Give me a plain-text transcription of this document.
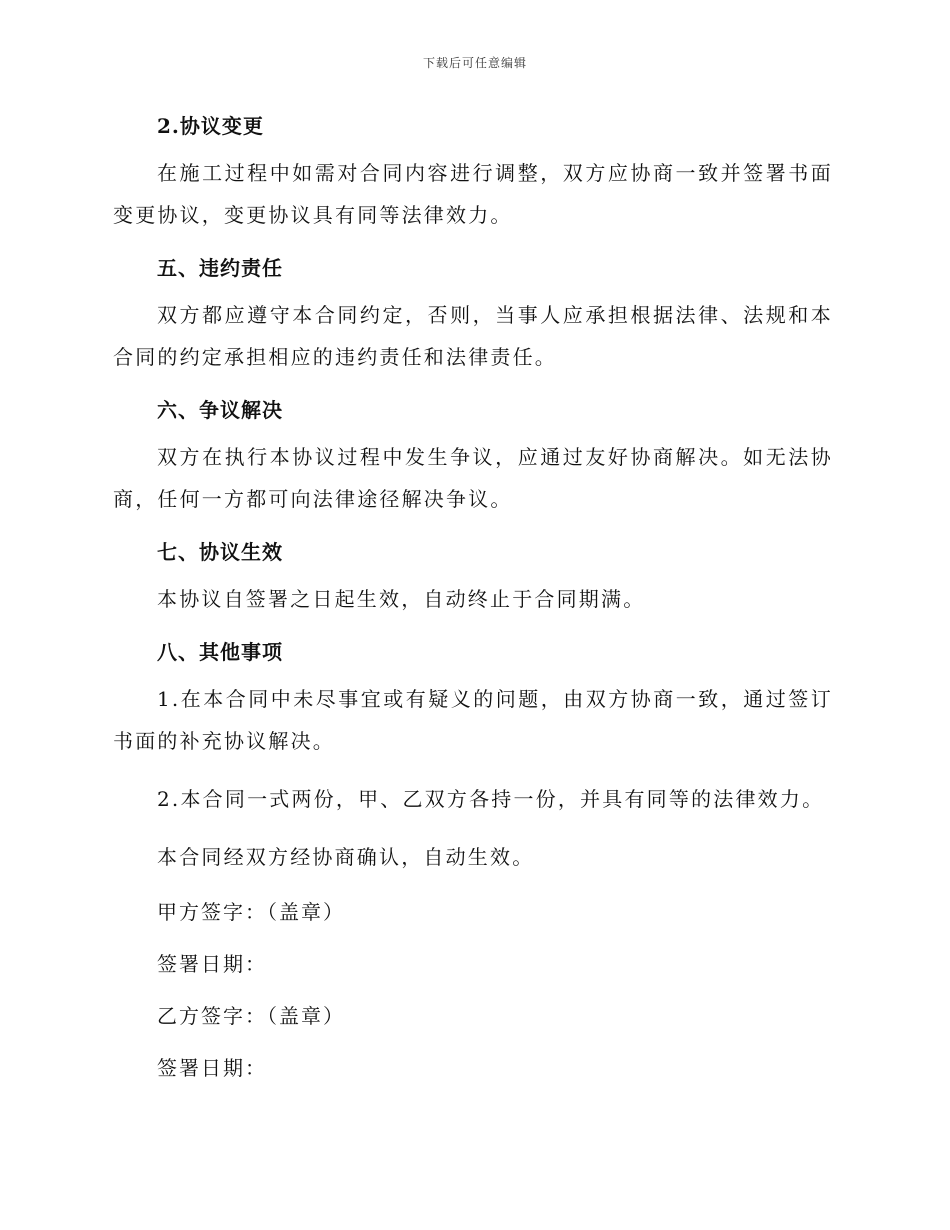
下载后可任意编辑
2.协议变更

在施工过程中如需对合同内容进行调整，双方应协商一致并签署书面变更协议，变更协议具有同等法律效力。

五、违约责任

双方都应遵守本合同约定，否则，当事人应承担根据法律、法规和本合同的约定承担相应的违约责任和法律责任。

六、争议解决

双方在执行本协议过程中发生争议，应通过友好协商解决。如无法协商，任何一方都可向法律途径解决争议。

七、协议生效

本协议自签署之日起生效，自动终止于合同期满。

八、其他事项

1.在本合同中未尽事宜或有疑义的问题，由双方协商一致，通过签订书面的补充协议解决。

2.本合同一式两份，甲、乙双方各持一份，并具有同等的法律效力。

本合同经双方经协商确认，自动生效。

甲方签字：（盖章）

签署日期：

乙方签字：（盖章）

签署日期：
